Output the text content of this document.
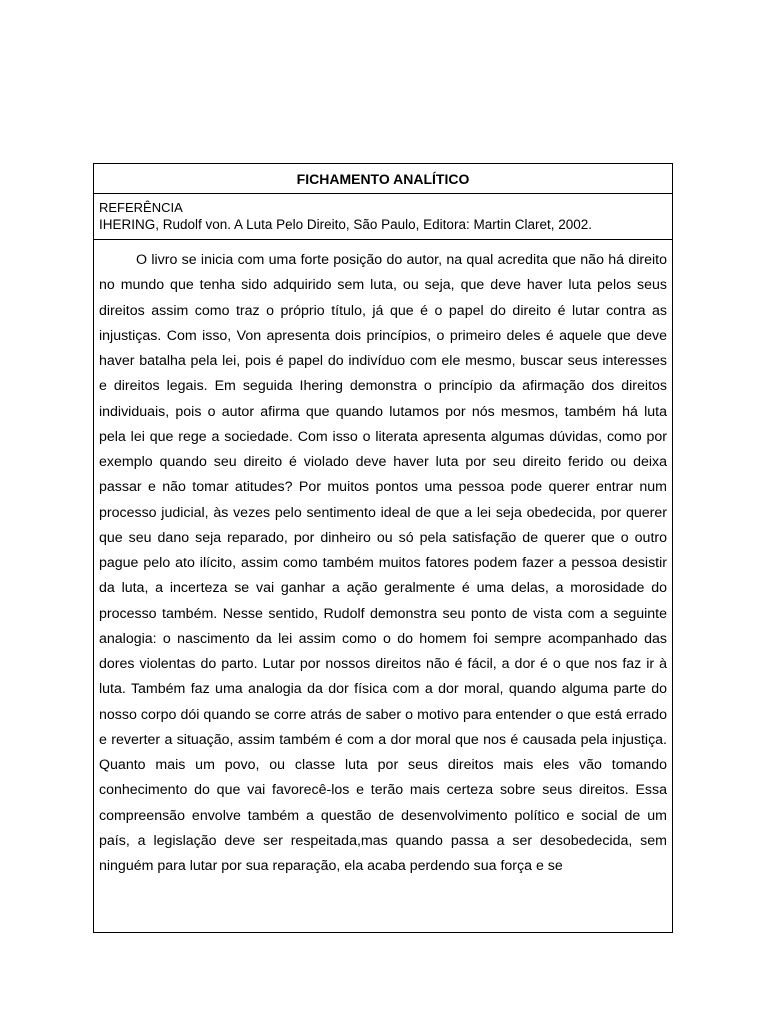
FICHAMENTO ANALÍTICO
REFERÊNCIA
IHERING, Rudolf von. A Luta Pelo Direito, São Paulo, Editora: Martin Claret, 2002.

O livro se inicia com uma forte posição do autor, na qual acredita que não há direito no mundo que tenha sido adquirido sem luta, ou seja, que deve haver luta pelos seus direitos assim como traz o próprio título, já que é o papel do direito é lutar contra as injustiças. Com isso, Von apresenta dois princípios, o primeiro deles é aquele que deve haver batalha pela lei, pois é papel do indivíduo com ele mesmo, buscar seus interesses e direitos legais. Em seguida Ihering demonstra o princípio da afirmação dos direitos individuais, pois o autor afirma que quando lutamos por nós mesmos, também há luta pela lei que rege a sociedade. Com isso o literata apresenta algumas dúvidas, como por exemplo quando seu direito é violado deve haver luta por seu direito ferido ou deixa passar e não tomar atitudes? Por muitos pontos uma pessoa pode querer entrar num processo judicial, às vezes pelo sentimento ideal de que a lei seja obedecida, por querer que seu dano seja reparado, por dinheiro ou só pela satisfação de querer que o outro pague pelo ato ilícito, assim como também muitos fatores podem fazer a pessoa desistir da luta, a incerteza se vai ganhar a ação geralmente é uma delas, a morosidade do processo também. Nesse sentido, Rudolf demonstra seu ponto de vista com a seguinte analogia: o nascimento da lei assim como o do homem foi sempre acompanhado das dores violentas do parto. Lutar por nossos direitos não é fácil, a dor é o que nos faz ir à luta. Também faz uma analogia da dor física com a dor moral, quando alguma parte do nosso corpo dói quando se corre atrás de saber o motivo para entender o que está errado e reverter a situação, assim também é com a dor moral que nos é causada pela injustiça. Quanto mais um povo, ou classe luta por seus direitos mais eles vão tomando conhecimento do que vai favorecê-los e terão mais certeza sobre seus direitos. Essa compreensão envolve também a questão de desenvolvimento político e social de um país, a legislação deve ser respeitada,mas quando passa a ser desobedecida, sem ninguém para lutar por sua reparação, ela acaba perdendo sua força e se
